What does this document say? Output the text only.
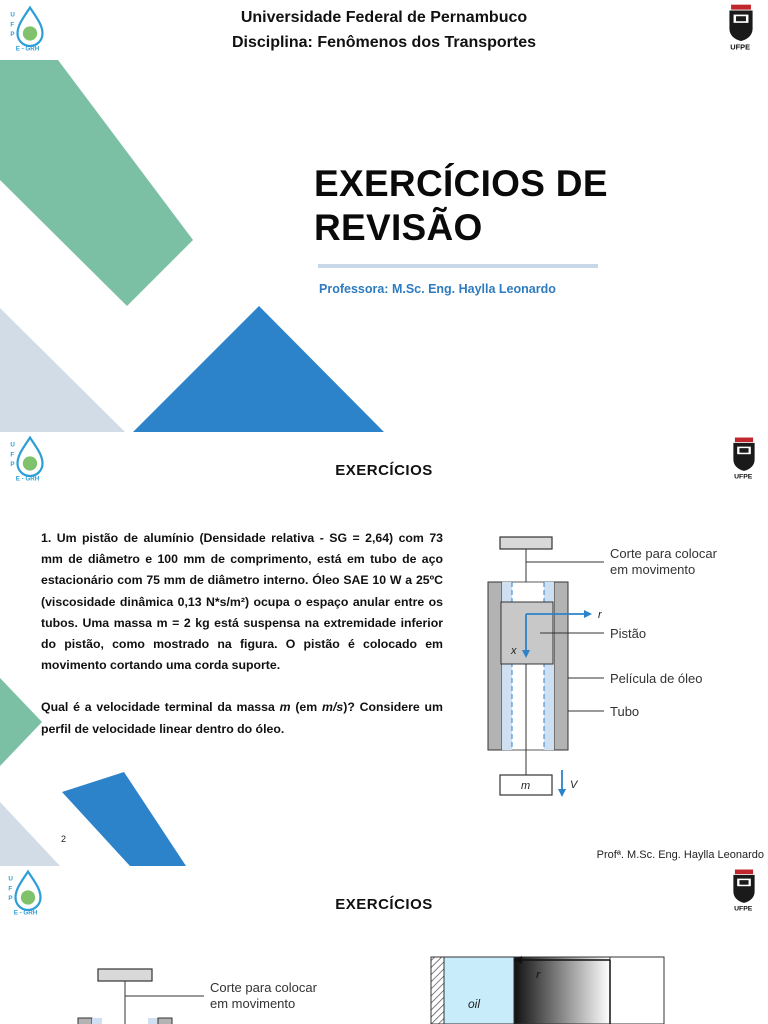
U
F
P
E - GRH	UFPE
Universidade Federal de Pernambuco
Disciplina: Fenômenos dos Transportes
EXERCÍCIOS DE
REVISÃO
Professora: M.Sc. Eng. Haylla Leonardo
U
F
P
E - GRH	UFPE
EXERCÍCIOS

1. Um pistão de alumínio (Densidade relativa - SG = 2,64) com 73 mm de diâmetro e 100 mm de comprimento, está em tubo de aço estacionário com 75 mm de diâmetro interno. Óleo SAE 10 W a 25ºC (viscosidade dinâmica 0,13 N*s/m²) ocupa o espaço anular entre os tubos. Uma massa m = 2 kg está suspensa na extremidade inferior do pistão, como mostrado na figura. O pistão é colocado em movimento cortando uma corda suporte.

Qual é a velocidade terminal da massa m (em m/s)? Considere um perfil de velocidade linear dentro do óleo.

r
x
m	V
Corte para colocar
em movimento
Pistão
Película de óleo
Tubo
2
Profª. M.Sc. Eng. Haylla Leonardo
U
F
P
E - GRH
UFPE
EXERCÍCIOS
Corte para colocar
em movimento
r
oil
